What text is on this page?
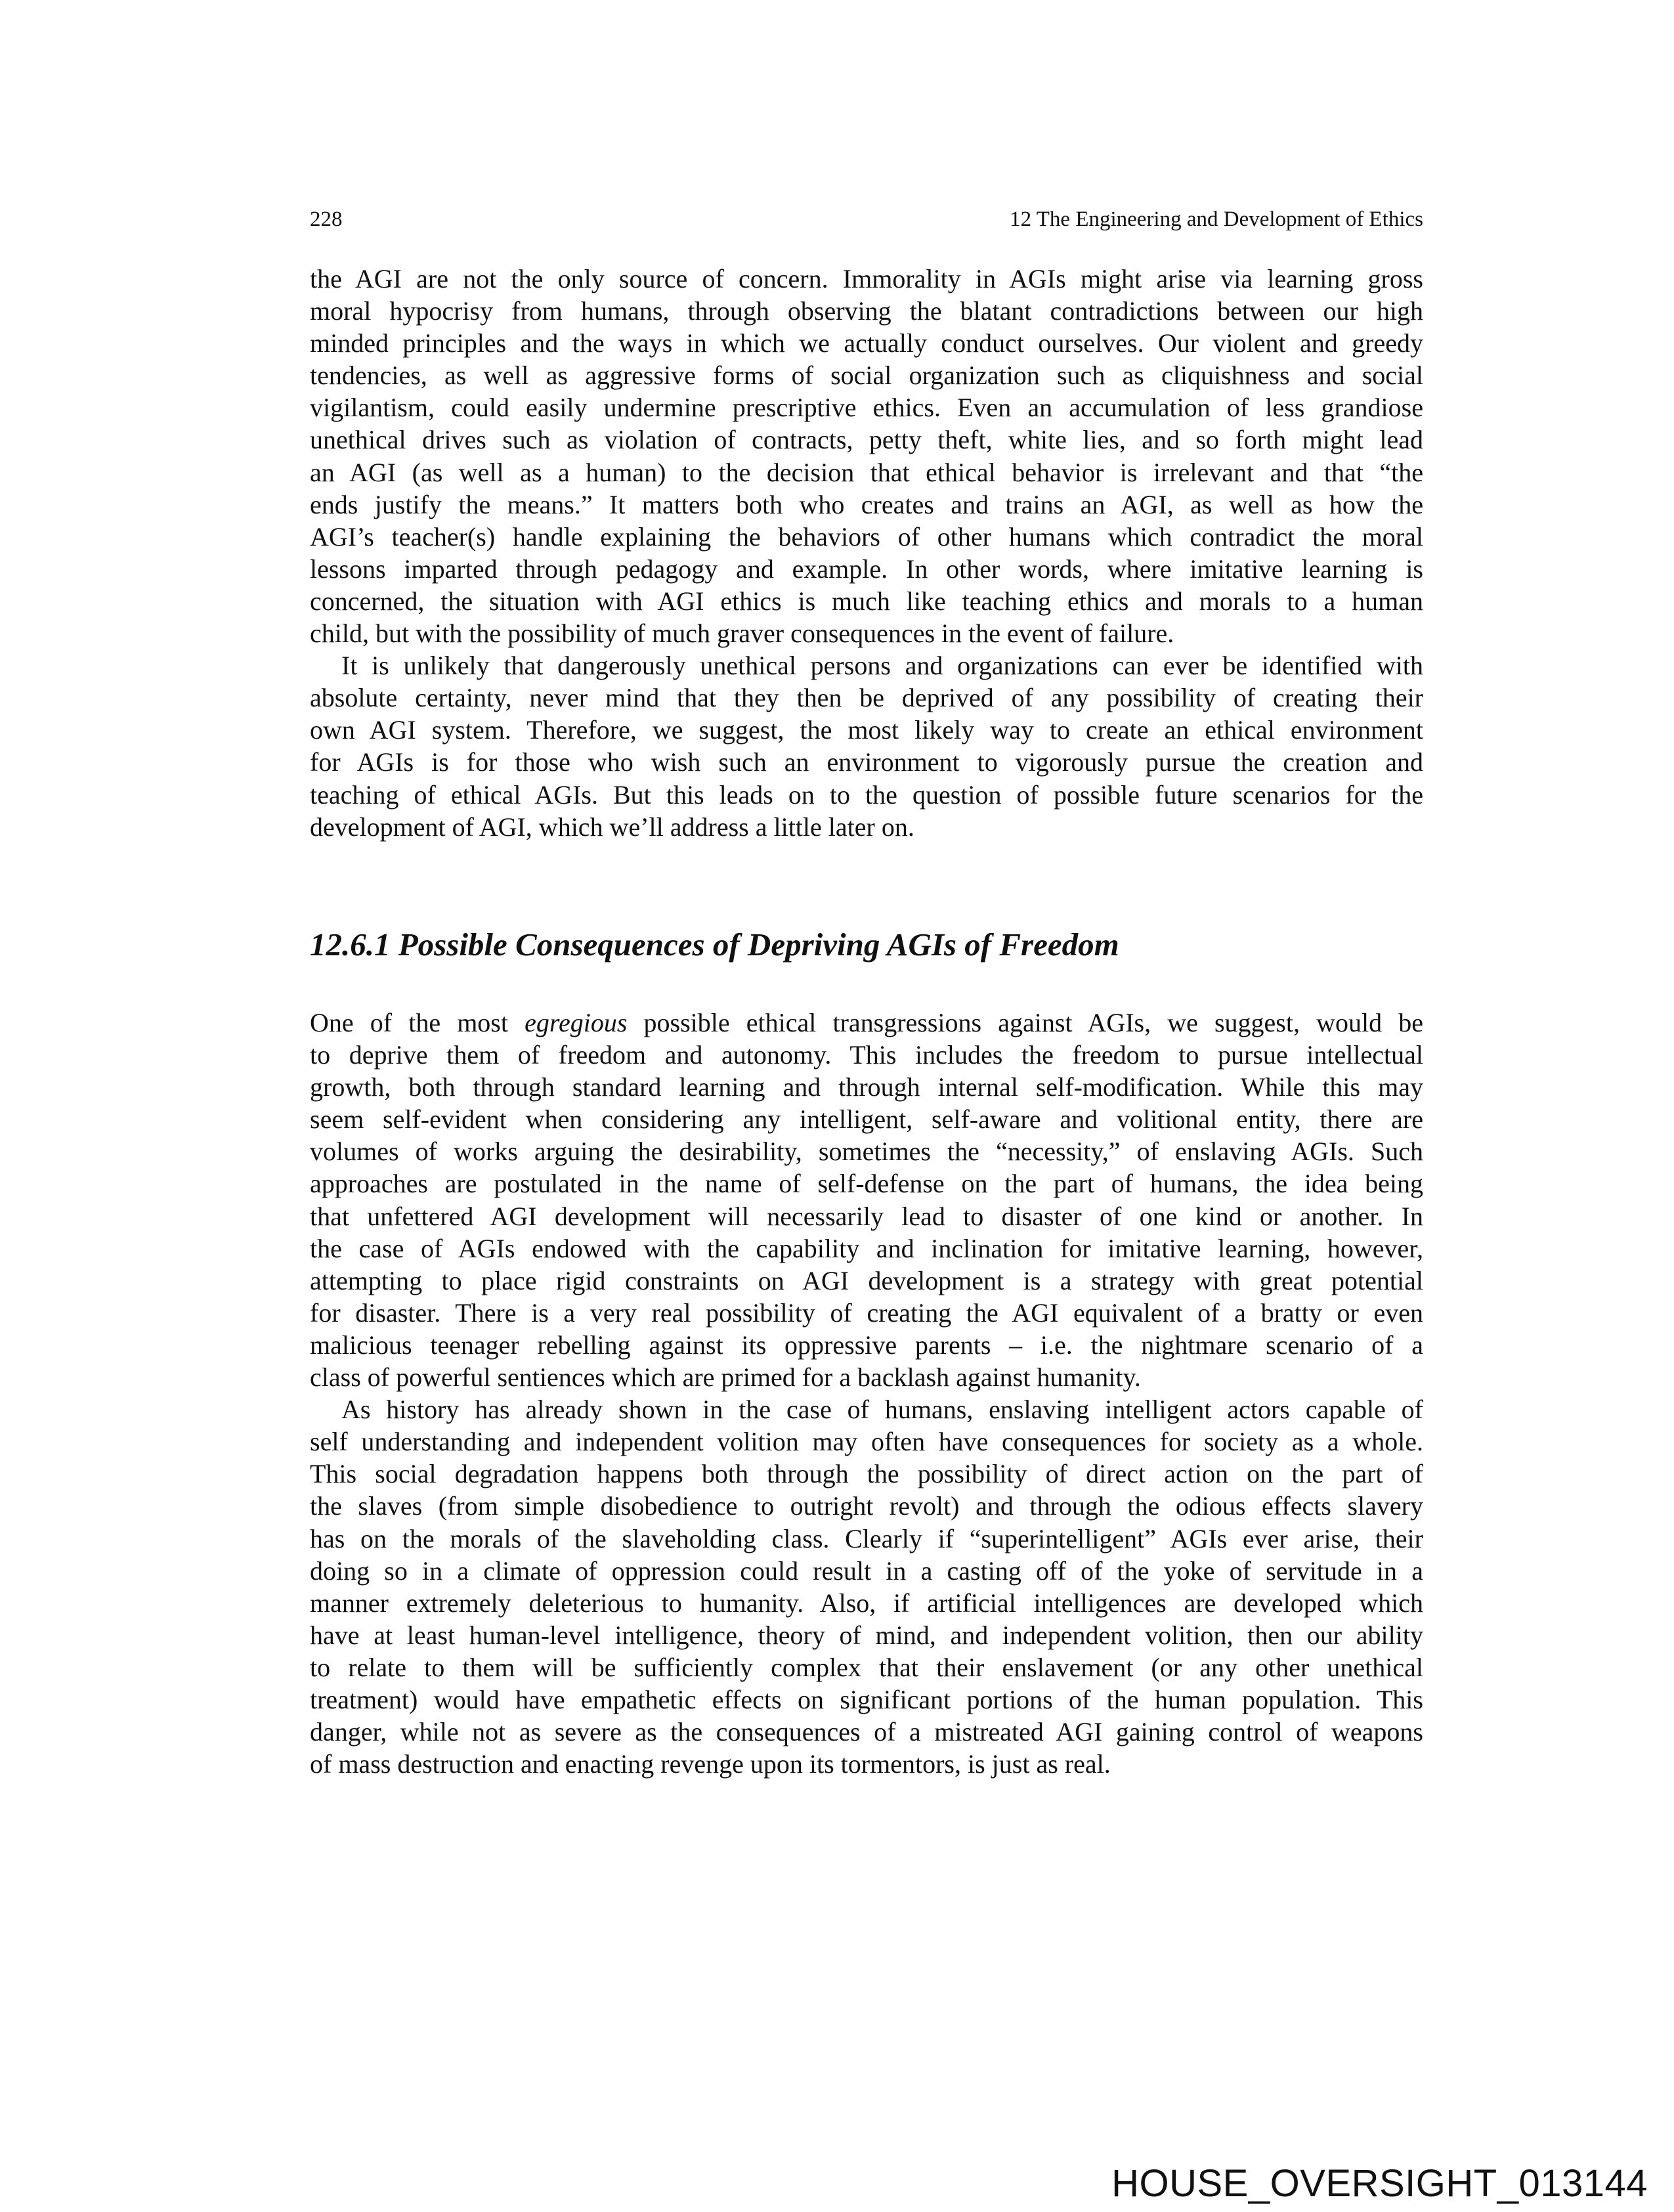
228	12 The Engineering and Development of Ethics
the AGI are not the only source of concern. Immorality in AGIs might arise via learning gross
moral hypocrisy from humans, through observing the blatant contradictions between our high
minded principles and the ways in which we actually conduct ourselves. Our violent and greedy
tendencies, as well as aggressive forms of social organization such as cliquishness and social
vigilantism, could easily undermine prescriptive ethics. Even an accumulation of less grandiose
unethical drives such as violation of contracts, petty theft, white lies, and so forth might lead
an AGI (as well as a human) to the decision that ethical behavior is irrelevant and that “the
ends justify the means.” It matters both who creates and trains an AGI, as well as how the
AGI’s teacher(s) handle explaining the behaviors of other humans which contradict the moral
lessons imparted through pedagogy and example. In other words, where imitative learning is
concerned, the situation with AGI ethics is much like teaching ethics and morals to a human
child, but with the possibility of much graver consequences in the event of failure.
It is unlikely that dangerously unethical persons and organizations can ever be identified with
absolute certainty, never mind that they then be deprived of any possibility of creating their
own AGI system. Therefore, we suggest, the most likely way to create an ethical environment
for AGIs is for those who wish such an environment to vigorously pursue the creation and
teaching of ethical AGIs. But this leads on to the question of possible future scenarios for the
development of AGI, which we’ll address a little later on.
12.6.1 Possible Consequences of Depriving AGIs of Freedom
One of the most egregious possible ethical transgressions against AGIs, we suggest, would be
to deprive them of freedom and autonomy. This includes the freedom to pursue intellectual
growth, both through standard learning and through internal self-modification. While this may
seem self-evident when considering any intelligent, self-aware and volitional entity, there are
volumes of works arguing the desirability, sometimes the “necessity,” of enslaving AGIs. Such
approaches are postulated in the name of self-defense on the part of humans, the idea being
that unfettered AGI development will necessarily lead to disaster of one kind or another. In
the case of AGIs endowed with the capability and inclination for imitative learning, however,
attempting to place rigid constraints on AGI development is a strategy with great potential
for disaster. There is a very real possibility of creating the AGI equivalent of a bratty or even
malicious teenager rebelling against its oppressive parents – i.e. the nightmare scenario of a
class of powerful sentiences which are primed for a backlash against humanity.
As history has already shown in the case of humans, enslaving intelligent actors capable of
self understanding and independent volition may often have consequences for society as a whole.
This social degradation happens both through the possibility of direct action on the part of
the slaves (from simple disobedience to outright revolt) and through the odious effects slavery
has on the morals of the slaveholding class. Clearly if “superintelligent” AGIs ever arise, their
doing so in a climate of oppression could result in a casting off of the yoke of servitude in a
manner extremely deleterious to humanity. Also, if artificial intelligences are developed which
have at least human-level intelligence, theory of mind, and independent volition, then our ability
to relate to them will be sufficiently complex that their enslavement (or any other unethical
treatment) would have empathetic effects on significant portions of the human population. This
danger, while not as severe as the consequences of a mistreated AGI gaining control of weapons
of mass destruction and enacting revenge upon its tormentors, is just as real.
HOUSE_OVERSIGHT_013144
